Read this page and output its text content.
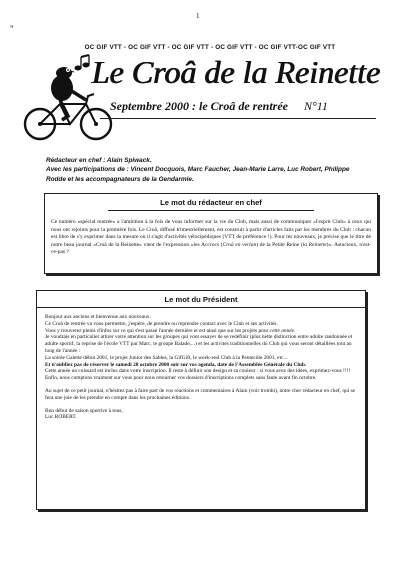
"
1
OC GIF VTT - OC GIF VTT - OC GIF VTT - OC GIF VTT - OC GIF VTT-OC GIF VTT
Le Croâ de la Reinette
Septembre 2000 : le Croâ de rentrée N°11

Rédacteur en chef : Alain Spiwack.

Avec les participations de : Vincent Docquois, Marc Faucher, Jean-Marie Larre, Luc Robert, Philippe Rodde et les accompagnateurs de la Gendarmie.

Le mot du rédacteur en chef
Ce numéro «spécial rentrée» a l'ambition à la fois de vous informer sur la vie du Club, mais aussi de communiquer «l'esprit Club» à ceux qui nous ont rejoints pour la première fois. Le Croâ, diffusé trimestriellement, est construit à partir d'articles faits par les membres du Club : chacun est libre de s'y exprimer dans la mesure où il s'agit d'activités vélocipédiques (VTT de préférence !). Pour les nouveaux, je précise que le titre de notre beau journal «Croâ de la Reinette» vient de l'expression «les Accrocs (Croâ en verlan) de la Petite Reine (la Reinette)». Astucieux, n'est-ce-pas ?
Le mot du Président

Bonjour aux anciens et bienvenue aux nouveaux.

Ce Croâ de rentrée va vous permettre, j'espère, de prendre ou reprendre contact avec le Club et ses activités.

Vous y trouverez pleins d'infos sur ce qui s'est passé l'année dernière et est ainsi que sur les projets pour cette année.

Je voudrais en particulier attirer votre attention sur les groupes qui vont essayer de se redéfinir (plus nette distinction entre adulte randonnée et adulte sportif, la reprise de l'école VTT par Marc, le groupe Balade,...) et les activités traditionnelles du Club qui vous seront détaillées tout au long de l'année :

La soirée Galette début 2001, le projet Junior des Sables, la GifGift, le week-end Club à la Pentecôte 2001, etc...

Et n'oubliez pas de réserver le samedi 28 octobre 2000 soir sur vos agenda, date de l'Assemblée Générale du Club.

Cette année un cuissard est inclus dans votre inscription. Il reste à définir son design et sa couleur : si vous avez des idées, exprimez-vous !!!!

Enfin, nous comptons vraiment sur vous pour nous retourner vos dossiers d'inscriptions complets sans faute avant fin octobre.

Au sujet de ce petit journal, n'hésitez pas à faire part de vos réactions et commentaires à Alain (voir trombi), notre cher rédacteur en chef, qui se fera une joie de les prendre en compte dans les prochaines éditions.

Bon début de saison sportive à tous,

Luc ROBERT.
